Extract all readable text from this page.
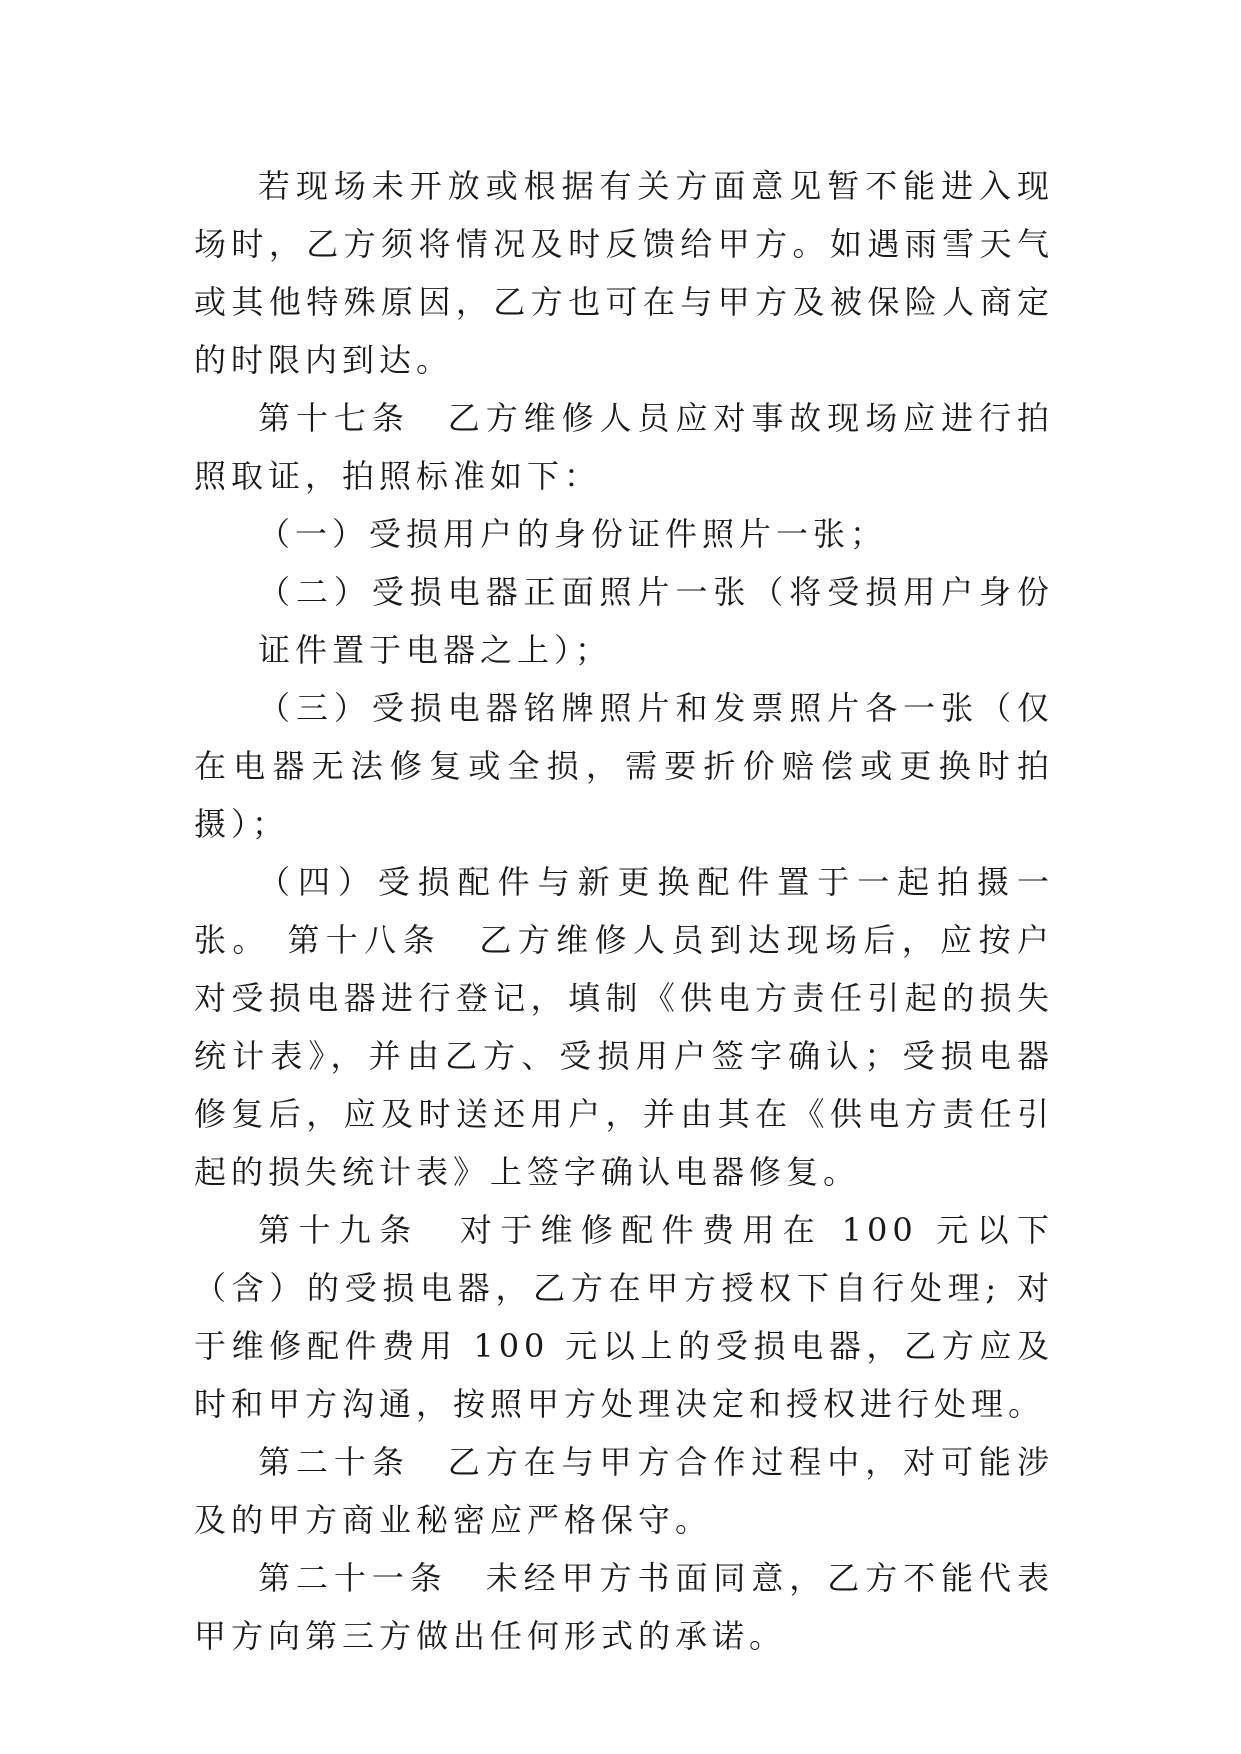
若现场未开放或根据有关方面意见暂不能进入现场时，乙方须将情况及时反馈给甲方。如遇雨雪天气或其他特殊原因，乙方也可在与甲方及被保险人商定的时限内到达。

第十七条　乙方维修人员应对事故现场应进行拍照取证，拍照标准如下：

（一）受损用户的身份证件照片一张；

（二）受损电器正面照片一张（将受损用户身份证件置于电器之上）；

（三）受损电器铭牌照片和发票照片各一张（仅在电器无法修复或全损，需要折价赔偿或更换时拍摄）；

（四）受损配件与新更换配件置于一起拍摄一张。 第十八条　乙方维修人员到达现场后，应按户对受损电器进行登记，填制《供电方责任引起的损失统计表》，并由乙方、受损用户签字确认；受损电器修复后，应及时送还用户，并由其在《供电方责任引起的损失统计表》上签字确认电器修复。

第十九条　对于维修配件费用在 100 元以下（含）的受损电器，乙方在甲方授权下自行处理; 对于维修配件费用 100 元以上的受损电器，乙方应及时和甲方沟通，按照甲方处理决定和授权进行处理。

第二十条　乙方在与甲方合作过程中，对可能涉及的甲方商业秘密应严格保守。

第二十一条　未经甲方书面同意，乙方不能代表甲方向第三方做出任何形式的承诺。
